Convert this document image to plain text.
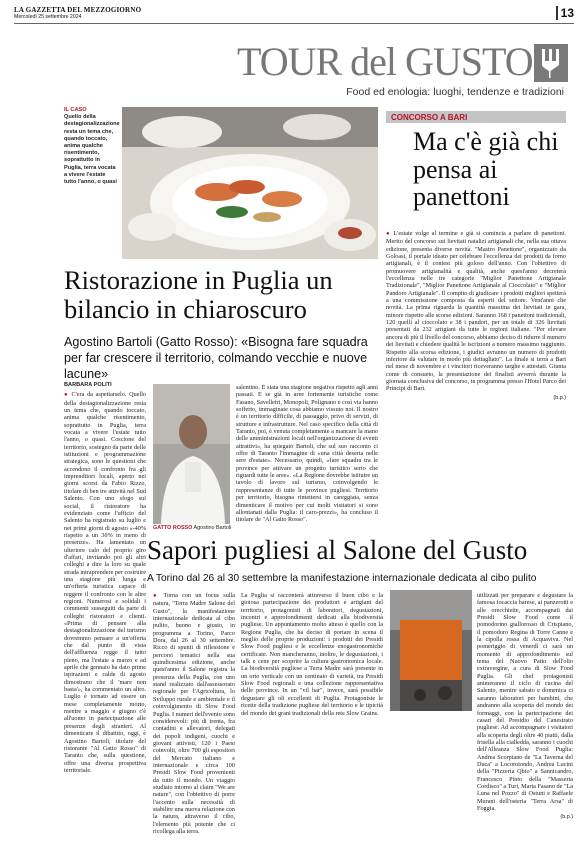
LA GAZZETTA DEL MEZZOGIORNO
Mercoledì 25 settembre 2024	13
TOUR del GUSTO
Food ed enologia: luoghi, tendenze e tradizioni
IL CASO
Quello della destagionalizzazione resta un tema che, quando toccato, anima qualche risentimento, soprattutto in Puglia, terra vocata a vivere l'estate tutto l'anno, o quasi
Ristorazione in Puglia un bilancio in chiaroscuro
Agostino Bartoli (Gatto Rosso): «Bisogna fare squadra per far crescere il territorio, colmando vecchie e nuove lacune»
BARBARA POLITI

● C'era da aspettarselo. Quello della destagionalizzazione resta un tema che, quando toccato, anima qualche risentimento, soprattutto in Puglia, terra vocata a vivere l'estate tutto l'anno, o quasi. Coscione del territorio, sostegno da parte delle istituzioni e programmazione strategica, sono le questioni che accendono il confronto fra gli imprenditori locali, aperto nei giorni scorsi da Fabio Rizzo, titolare di ben tre attività nel Sud Salento. Con uno sfogo sui social, il ristoratore ha evidenziato come l'ufficio del Salento ha registrato su luglio e nei primi giorni di agosto «-40% rispetto a un 30% in meno di presenze». Ha lamentato un ulteriore calo del proprio giro d'affari, invitando poi gli altri colleghi a dire la loro su quale strada intraprendere per costruire una stagione più lunga e un'offerta turistica capace di reggere il confronto con le altre regioni. Numerosi e solidali i commenti susseguiti da parte di colleghi ristoratori e clienti. «Prima di pensare alla destagionalizzazione del turismo dovremmo pensare a un'offerta che dal punto di vista dell'affluenza regge il tutto pieno, ma l'estate a marzo e ad aprile che gennaio ha dato prime ispirazioni e calde di agosto dimostrano che il 'mare non basta'», ha commentato un altro. Luglio è tornato ad essere un mese completamente morto, mentre a maggio e giugno c'è all'uomo in partecipazione alle presenze degli stranieri. Al dimenticare il dibattito, oggi, è Agostino Bartoli, titolare del ristorante "Al Gatto Rosso" di Taranto che, sulla questione, offre una diversa prospettiva territoriale.

GATTO ROSSO Agostino Bartoli

salentino. È stata una stagione negativa rispetto agli anni passati. E se già in aree fortemente turistiche come Fasano, Savelletri, Monopoli, Polignano e così via hanno sofferto, immaginate cosa abbiamo vissuto noi. Il nostro è un territorio difficile, di passaggio, privo di servizi, di strutture e infrastrutture. Nel caso specifico della città di Taranto, poi, è venuta completamente a mancare la mano delle amministrazioni locali nell'organizzazione di eventi attrattivi», ha spiegato Bartoli, che sul suo racconto ci offre di Taranto l'immagine di «una città deserta nelle sere d'estate». Necessario, quindi, «fare squadra tra le province per attivare un progetto turistico serio che riguardi tutte le aree». «La Regione dovrebbe istituire un tavolo di lavoro sul turismo, coinvolgendo le rappresentanze di tutte le province pugliesi. Territorio per territorio, bisogna rimettersi in careggiata, senza dimenticare il motivo per cui molti visitatori si sono allontanati dalla Puglia: il caro-prezzi», ha concluso il titolare de "Al Gatto Rosso".

CONCORSO A BARI
Ma c'è già chi pensa ai panettoni

● L'estate volge al termine e già si comincia a parlare di panettoni. Merito del concorso sui lievitati natalizi artigianali che, nella sua ottava edizione, presenta diverse novità. "Mastro Panettone", organizzato da Goloasi, il portale ideato per celebrare l'eccellenza dei prodotti da forno artigianali, è il contest più goloso dell'anno. Con l'obiettivo di promuovere artigianalità e qualità, anche quest'anno decreterà l'eccellenza nelle tre categorie "Miglior Panettone Artigianale Tradizionale", "Miglior Panettone Artigianale al Cioccolato" e "Miglior Pandoro Artigianale". Il compito di giudicare i prodotti migliori spetterà a una commissione composta da esperti del settore. Vent'anni che novità. La prima riguarda la quantità massima dei lievitati in gara, minore rispetto alle scorse edizioni. Saranno 168 i panettoni tradizionali, 120 quelli al cioccolato e 38 i pandori, per un totale di 326 lievitati presentati da 232 artigiani da tutte le regioni italiane. "Per elevare ancora di più il livello del concorso, abbiamo deciso di ridurre il numero dei lievitati e chiedere qualità le iscrizioni a numero massimo raggiunto. Rispetto alla scorsa edizione, i giudici avranno un numero di prodotti inferiore da valutare in modo più dettagliato". La finale si terrà a Bari nel mese di novembre e i vincitori riceveranno targhe e attestati. Giunta come di consueto, la presentazione dei finalisti avverrà durante la giornata conclusiva del concorso, in programma presso l'Hotel Parco dei Principi di Bari.

(b.p.)
Sapori pugliesi al Salone del Gusto
A Torino dal 26 al 30 settembre la manifestazione internazionale dedicata al cibo pulito

● Torna con un focus sulla natura, "Terra Madre Salone del Gusto", la manifestazione internazionale dedicata al cibo pulito, buono e giusto, in programma a Torino, Parco Dora, dal 26 al 30 settembre. Ricco di spunti di riflessione e percorsi tematici nella sua quindicesima edizione, anche quest'anno il Salone registra la presenza della Puglia, con uno stand realizzato dall'assessorato regionale per l'Agricoltura, lo Sviluppo rurale e ambientale e il coinvolgimento di Slow Food Puglia. I numeri dell'evento sono considerevoli: più di trenta, fra contadini e allevatori, delegati dei popoli indigeni, cuochi e giovani attivisti, 120 i Paesi coinvolti, oltre 700 gli espositori del Mercato italiano e internazionale e circa 100 Presidi Slow Food provenienti da tutto il mondo. Un viaggio studiato intorno al claim "We are nature", con l'obiettivo di porre l'accento sulla necessità di stabilire una nuova relazione con la natura, attraverso il cibo, l'elemento più potente che ci ricollega alla terra.

La Puglia si racconterà attraverso il buon cibo e la gioiosa partecipazione dei produttori e artigiani del territorio, protagonisti di laboratori, degustazioni, incontri e approfondimenti dedicati alla biodiversità pugliese. Un appuntamento molto atteso è quello con la Regione Puglia, che ha deciso di portare in scena il meglio delle proprie produzioni: i prodotti dei Presidi Slow Food pugliesi e le eccellenze enogastronomiche certificate. Non mancheranno, inoltre, le degustazioni, i talk e cene per scoprire la cultura gastronomica locale. La biodiversità pugliese a Terra Madre sarà presente in un orto verticale con un centinaio di varietà, tra Presidi Slow Food regionali e una collezione rappresentativa delle province. In un "vil bar", invece, sarà possibile degustare gli oli eccellenti di Puglia. Protagoniste le ricette della tradizione pugliese del territorio e le tipicità del mondo dei grani tradizionali della rete Slow Grains.

utilizzati per preparare e degustare la famosa focaccia barese, ai panzerotti e alle orecchiette, accompagnati dai Presidi Slow Food come il pomodorino giallorosso di Crispiano, il pomodoro Regina di Torre Canne e la cipolla rossa di Acquaviva. Nel pomeriggio di venerdì ci sarà un momento di approfondimento sul tema del Nuovo Patto dell'olio extravergine, a cura di Slow Food Puglia. Gli chef protagonisti animeranno il ciclo di cucina del Salento, mentre sabato e domenica ci saranno laboratori per bambini, che andranno alla scoperta del mondo dei formaggi, con la partecipazione dei casari del Presidio del Canestrato pugliese. Ad accompagnare i visitatori alla scoperta degli oltre 40 piatti, dalla frisella alla cialledda, saranno i cuochi dell'Alleanza Slow Food Puglia: Andrea Scorpiano de "La Taverna del Duca" a Locorotondo, Andrea Lucini della "Pizzeria Qbio" a Sannicandro, Francesco Pinto della "Masseria Cordisco" a Turi, Marta Fasano de "La Luna nel Pozzo" di Ostuni e Raffaele Murani dell'osteria "Terra Arsa" di Foggia.

(b.p.)
